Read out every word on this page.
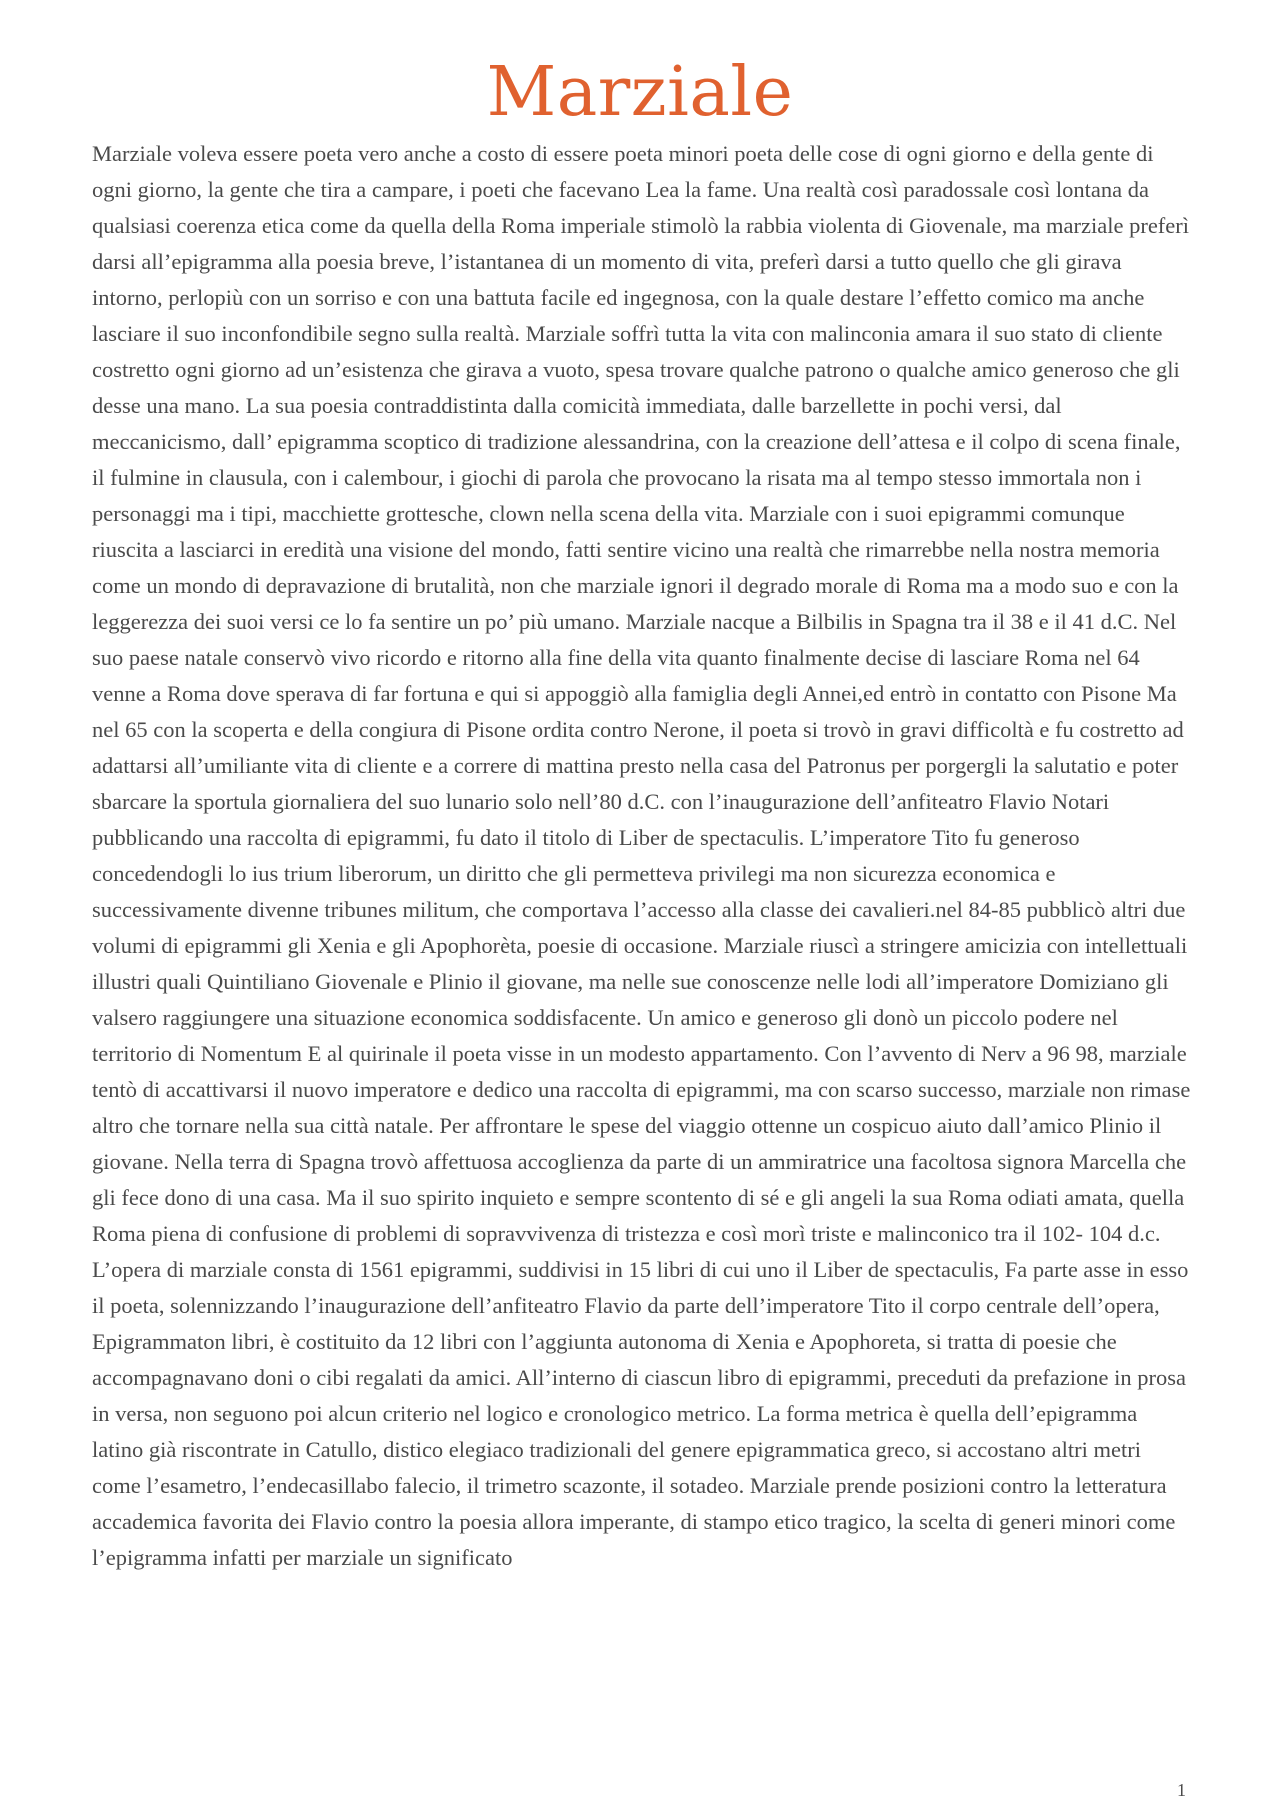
Marziale

Marziale voleva essere poeta vero anche a costo di essere poeta minori poeta delle cose di ogni giorno e della gente di ogni giorno, la gente che tira a campare, i poeti che facevano Lea la fame. Una realtà così paradossale così lontana da qualsiasi coerenza etica come da quella della Roma imperiale stimolò la rabbia violenta di Giovenale, ma marziale preferì darsi all’epigramma alla poesia breve, l’istantanea di un momento di vita, preferì darsi a tutto quello che gli girava intorno, perlopiù con un sorriso e con una battuta facile ed ingegnosa, con la quale destare l’effetto comico ma anche lasciare il suo inconfondibile segno sulla realtà. Marziale soffrì tutta la vita con malinconia amara il suo stato di cliente costretto ogni giorno ad un’esistenza che girava a vuoto, spesa trovare qualche patrono o qualche amico generoso che gli desse una mano. La sua poesia contraddistinta dalla comicità immediata, dalle barzellette in pochi versi, dal meccanicismo, dall’ epigramma scoptico di tradizione alessandrina, con la creazione dell’attesa e il colpo di scena finale, il fulmine in clausula, con i calembour, i giochi di parola che provocano la risata ma al tempo stesso immortala non i personaggi ma i tipi, macchiette grottesche, clown nella scena della vita. Marziale con i suoi epigrammi comunque riuscita a lasciarci in eredità una visione del mondo, fatti sentire vicino una realtà che rimarrebbe nella nostra memoria come un mondo di depravazione di brutalità, non che marziale ignori il degrado morale di Roma ma a modo suo e con la leggerezza dei suoi versi ce lo fa sentire un po’ più umano. Marziale nacque a Bilbilis in Spagna tra il 38 e il 41 d.C. Nel suo paese natale conservò vivo ricordo e ritorno alla fine della vita quanto finalmente decise di lasciare Roma nel 64 venne a Roma dove sperava di far fortuna e qui si appoggiò alla famiglia degli Annei,ed entrò in contatto con Pisone Ma nel 65 con la scoperta e della congiura di Pisone ordita contro Nerone, il poeta si trovò in gravi difficoltà e fu costretto ad adattarsi all’umiliante vita di cliente e a correre di mattina presto nella casa del Patronus per porgergli la salutatio e poter sbarcare la sportula giornaliera del suo lunario solo nell’80 d.C. con l’inaugurazione dell’anfiteatro Flavio Notari pubblicando una raccolta di epigrammi, fu dato il titolo di Liber de spectaculis. L’imperatore Tito fu generoso concedendogli lo ius trium liberorum, un diritto che gli permetteva privilegi ma non sicurezza economica e successivamente divenne tribunes militum, che comportava l’accesso alla classe dei cavalieri.nel 84-85 pubblicò altri due volumi di epigrammi gli Xenia e gli Apophorèta, poesie di occasione. Marziale riuscì a stringere amicizia con intellettuali illustri quali Quintiliano Giovenale e Plinio il giovane, ma nelle sue conoscenze nelle lodi all’imperatore Domiziano gli valsero raggiungere una situazione economica soddisfacente. Un amico e generoso gli donò un piccolo podere nel territorio di Nomentum E al quirinale il poeta visse in un modesto appartamento. Con l’avvento di Nerv a 96 98, marziale tentò di accattivarsi il nuovo imperatore e dedico una raccolta di epigrammi, ma con scarso successo, marziale non rimase altro che tornare nella sua città natale. Per affrontare le spese del viaggio ottenne un cospicuo aiuto dall’amico Plinio il giovane. Nella terra di Spagna trovò affettuosa accoglienza da parte di un ammiratrice una facoltosa signora Marcella che gli fece dono di una casa. Ma il suo spirito inquieto e sempre scontento di sé e gli angeli la sua Roma odiati amata, quella Roma piena di confusione di problemi di sopravvivenza di tristezza e così morì triste e malinconico tra il 102- 104 d.c. L’opera di marziale consta di 1561 epigrammi, suddivisi in 15 libri di cui uno il Liber de spectaculis, Fa parte asse in esso il poeta, solennizzando l’inaugurazione dell’anfiteatro Flavio da parte dell’imperatore Tito il corpo centrale dell’opera, Epigrammaton libri, è costituito da 12 libri con l’aggiunta autonoma di Xenia e Apophoreta, si tratta di poesie che accompagnavano doni o cibi regalati da amici. All’interno di ciascun libro di epigrammi, preceduti da prefazione in prosa in versa, non seguono poi alcun criterio nel logico e cronologico metrico. La forma metrica è quella dell’epigramma latino già riscontrate in Catullo, distico elegiaco tradizionali del genere epigrammatica greco, si accostano altri metri come l’esametro, l’endecasillabo falecio, il trimetro scazonte, il sotadeo. Marziale prende posizioni contro la letteratura accademica favorita dei Flavio contro la poesia allora imperante, di stampo etico tragico, la scelta di generi minori come l’epigramma infatti per marziale un significato

1
